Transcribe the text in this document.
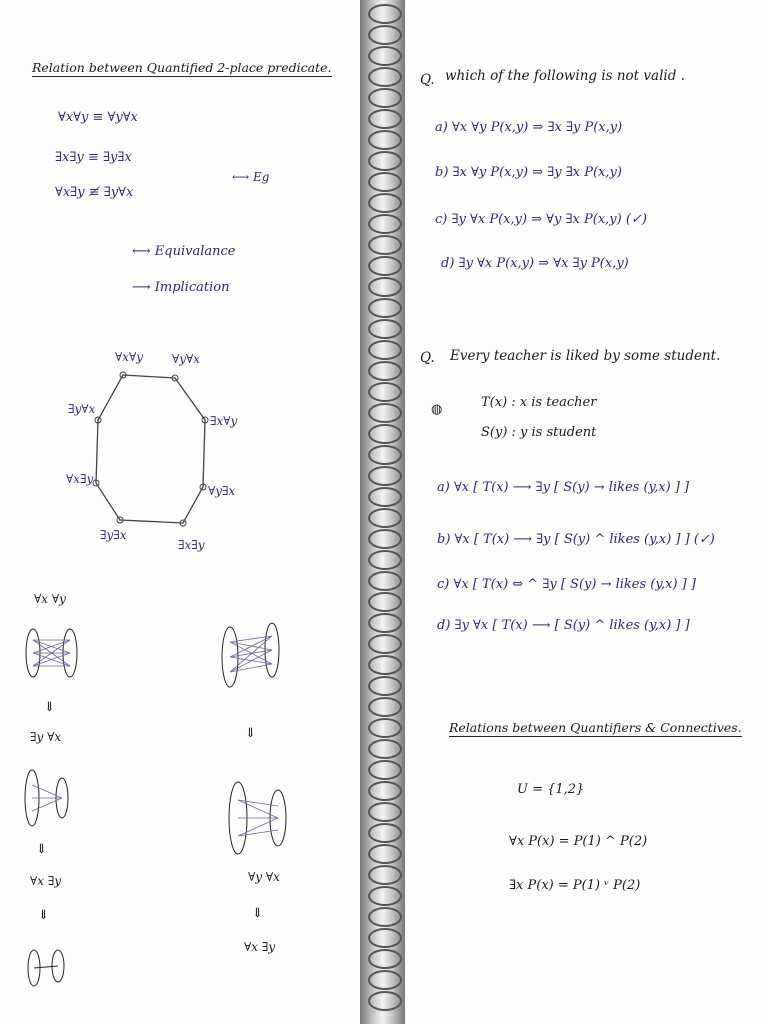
Relation between Quantified 2-place predicate.
∀x∀y ≡ ∀y∀x
∃x∃y ≡ ∃y∃x
∀x∃y ≢ ∃y∀x
⟷ Eg
⟷ Equivalance
⟶ Implication
∀x∀y ∀y∀x
∃x∀y
∀y∃x
∃x∃y
∃y∃x
∀x∃y
∃y∀x
∀x ∀y
⇓
∃y ∀x	⇓
⇓
∀x ∃y	∀y ∀x
⇓	⇓
∀x ∃y
Q. which of the following is not valid .
a) ∀x ∀y P(x,y) ⇒ ∃x ∃y P(x,y)
b) ∃x ∀y P(x,y) ⇒ ∃y ∃x P(x,y)
c) ∃y ∀x P(x,y) ⇒ ∀y ∃x P(x,y) (✓)
d) ∃y ∀x P(x,y) ⇒ ∀x ∃y P(x,y)
Q. Every teacher is liked by some student.
◍	T(x) : x is teacher
S(y) : y is student
a) ∀x [ T(x) ⟶ ∃y [ S(y) → likes (y,x) ] ]
b) ∀x [ T(x) ⟶ ∃y [ S(y) ^ likes (y,x) ] ] (✓)
c) ∀x [ T(x) ⇔ ^ ∃y [ S(y) → likes (y,x) ] ]
d) ∃y ∀x [ T(x) ⟶ [ S(y) ^ likes (y,x) ] ]
Relations between Quantifiers & Connectives.
U = {1,2}
∀x P(x) = P(1) ^ P(2)
∃x P(x) = P(1) ᵛ P(2)
